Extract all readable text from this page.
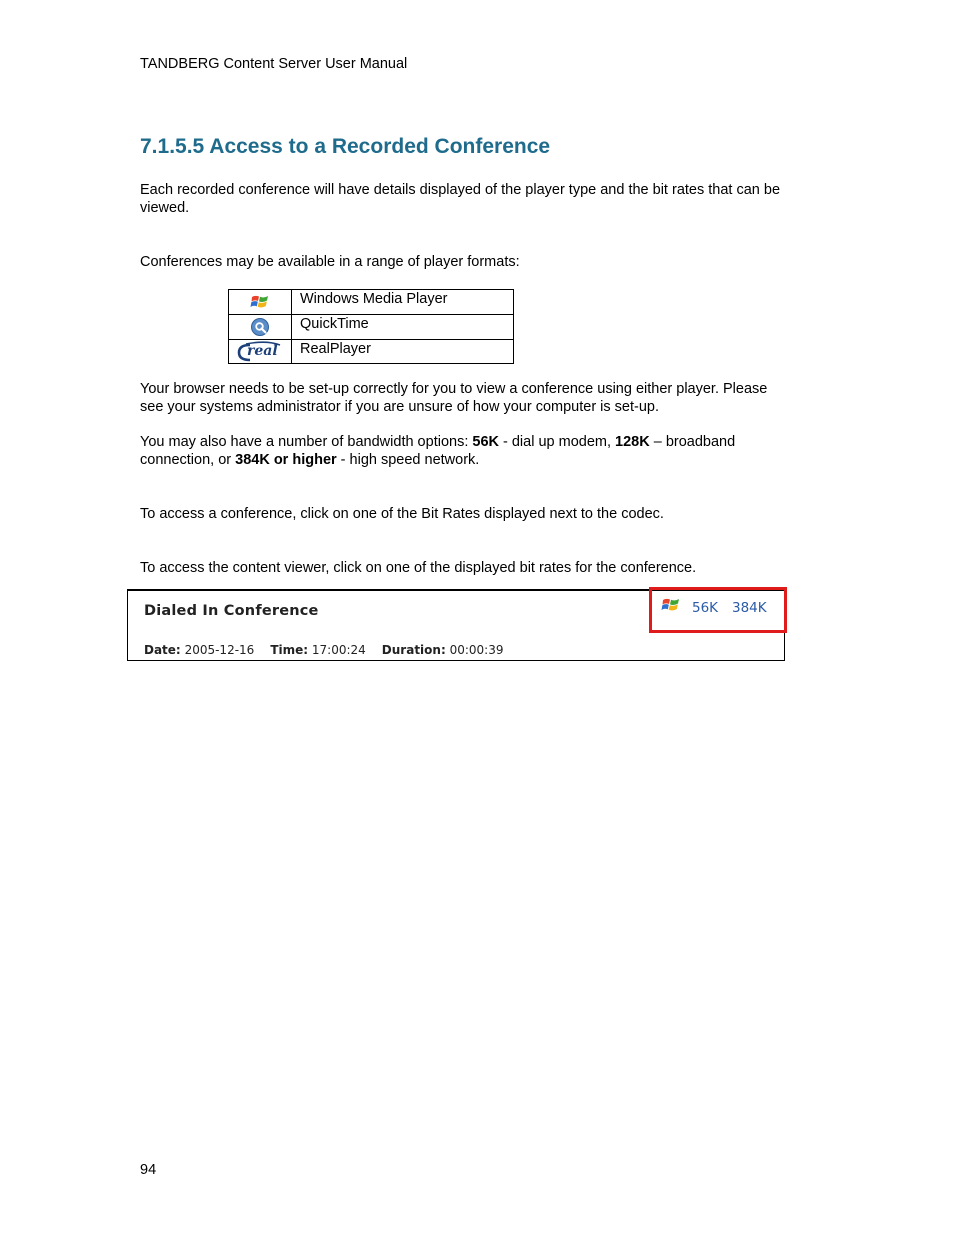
TANDBERG Content Server User Manual
7.1.5.5 Access to a Recorded Conference
Each recorded conference will have details displayed of the player type and the bit rates that can be viewed.
Conferences may be available in a range of player formats:
	Windows Media Player

	QuickTime

real	RealPlayer
Your browser needs to be set-up correctly for you to view a conference using either player. Please see your systems administrator if you are unsure of how your computer is set-up.
You may also have a number of bandwidth options: 56K - dial up modem, 128K – broadband connection, or 384K or higher - high speed network.
To access a conference, click on one of the Bit Rates displayed next to the codec.
To access the content viewer, click on one of the displayed bit rates for the conference.
Dialed In Conference
Date: 2005-12-16 Time: 17:00:24 Duration: 00:00:39
56K 384K
94
